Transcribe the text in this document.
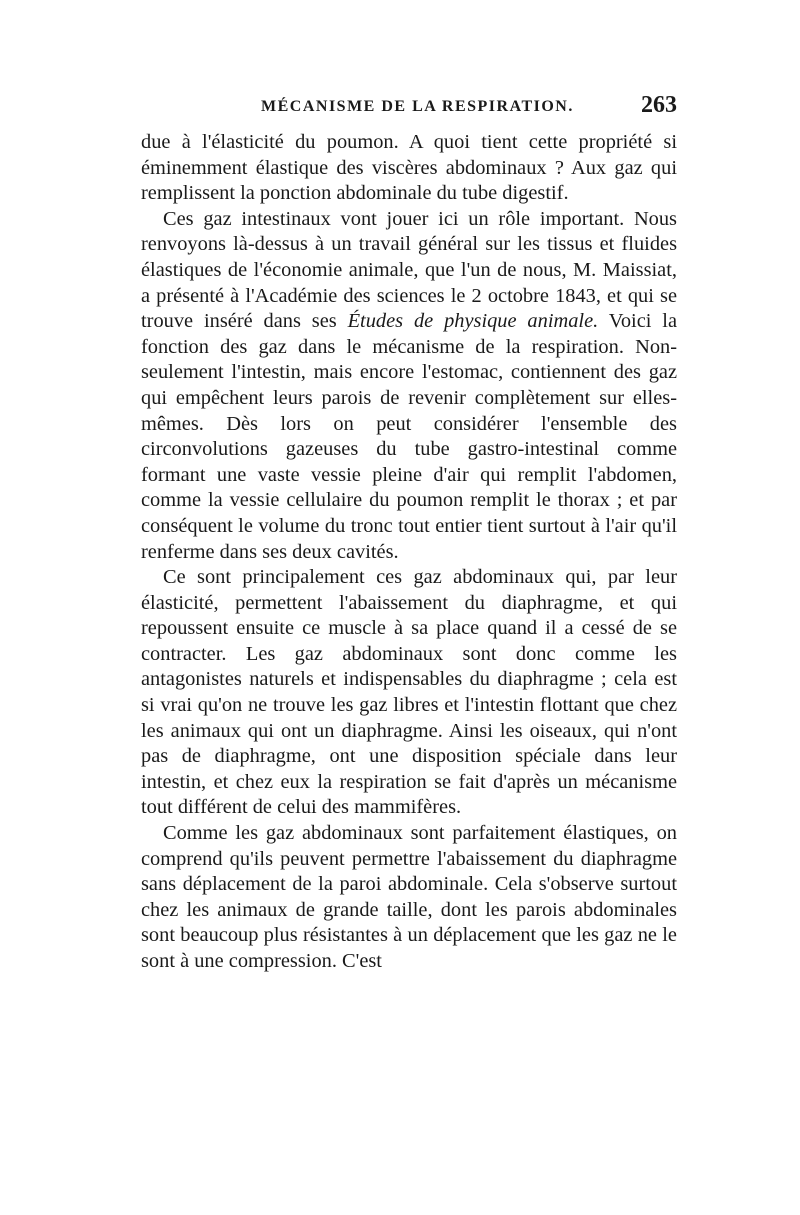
MÉCANISME DE LA RESPIRATION.	263

due à l'élasticité du poumon. A quoi tient cette propriété si éminemment élastique des viscères abdominaux ? Aux gaz qui remplissent la ponction abdominale du tube digestif.

Ces gaz intestinaux vont jouer ici un rôle important. Nous renvoyons là-dessus à un travail général sur les tissus et fluides élastiques de l'économie animale, que l'un de nous, M. Maissiat, a présenté à l'Académie des sciences le 2 octobre 1843, et qui se trouve inséré dans ses Études de physique animale. Voici la fonction des gaz dans le mécanisme de la respiration. Non-seulement l'intestin, mais encore l'estomac, contiennent des gaz qui empêchent leurs parois de revenir complètement sur elles-mêmes. Dès lors on peut considérer l'ensemble des circonvolutions gazeuses du tube gastro-intestinal comme formant une vaste vessie pleine d'air qui remplit l'abdomen, comme la vessie cellulaire du poumon remplit le thorax ; et par conséquent le volume du tronc tout entier tient surtout à l'air qu'il renferme dans ses deux cavités.

Ce sont principalement ces gaz abdominaux qui, par leur élasticité, permettent l'abaissement du diaphragme, et qui repoussent ensuite ce muscle à sa place quand il a cessé de se contracter. Les gaz abdominaux sont donc comme les antagonistes naturels et indispensables du diaphragme ; cela est si vrai qu'on ne trouve les gaz libres et l'intestin flottant que chez les animaux qui ont un diaphragme. Ainsi les oiseaux, qui n'ont pas de diaphragme, ont une disposition spéciale dans leur intestin, et chez eux la respiration se fait d'après un mécanisme tout différent de celui des mammifères.

Comme les gaz abdominaux sont parfaitement élastiques, on comprend qu'ils peuvent permettre l'abaissement du diaphragme sans déplacement de la paroi abdominale. Cela s'observe surtout chez les animaux de grande taille, dont les parois abdominales sont beaucoup plus résistantes à un déplacement que les gaz ne le sont à une compression. C'est
